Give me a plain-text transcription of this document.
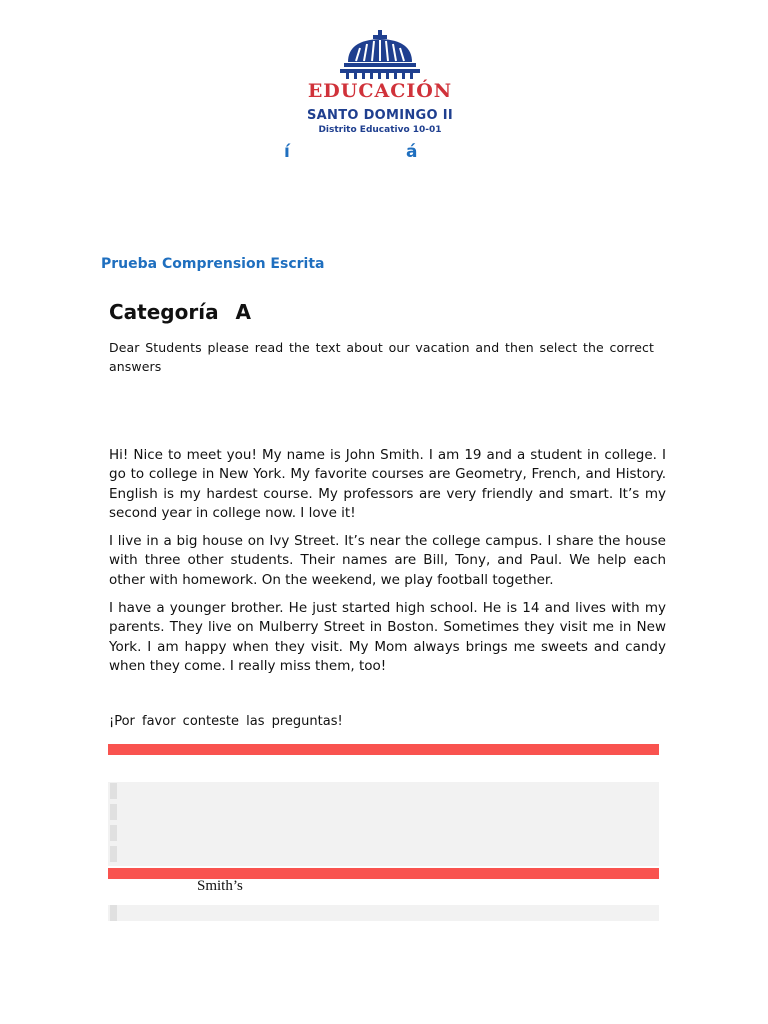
EDUCACIÓN
SANTO DOMINGO II
Distrito Educativo 10-01
í	á
Prueba Comprension Escrita
Categoría A
Dear Students please read the text about our vacation and then select the correct answers

Hi! Nice to meet you! My name is John Smith. I am 19 and a student in college. I go to college in New York. My favorite courses are Geometry, French, and History. English is my hardest course. My professors are very friendly and smart. It’s my second year in college now. I love it!

I live in a big house on Ivy Street. It’s near the college campus. I share the house with three other students. Their names are Bill, Tony, and Paul. We help each other with homework. On the weekend, we play football together.

I have a younger brother. He just started high school. He is 14 and lives with my parents. They live on Mulberry Street in Boston. Sometimes they visit me in New York. I am happy when they visit. My Mom always brings me sweets and candy when they come. I really miss them, too!

¡Por favor conteste las preguntas!
Smith’s
